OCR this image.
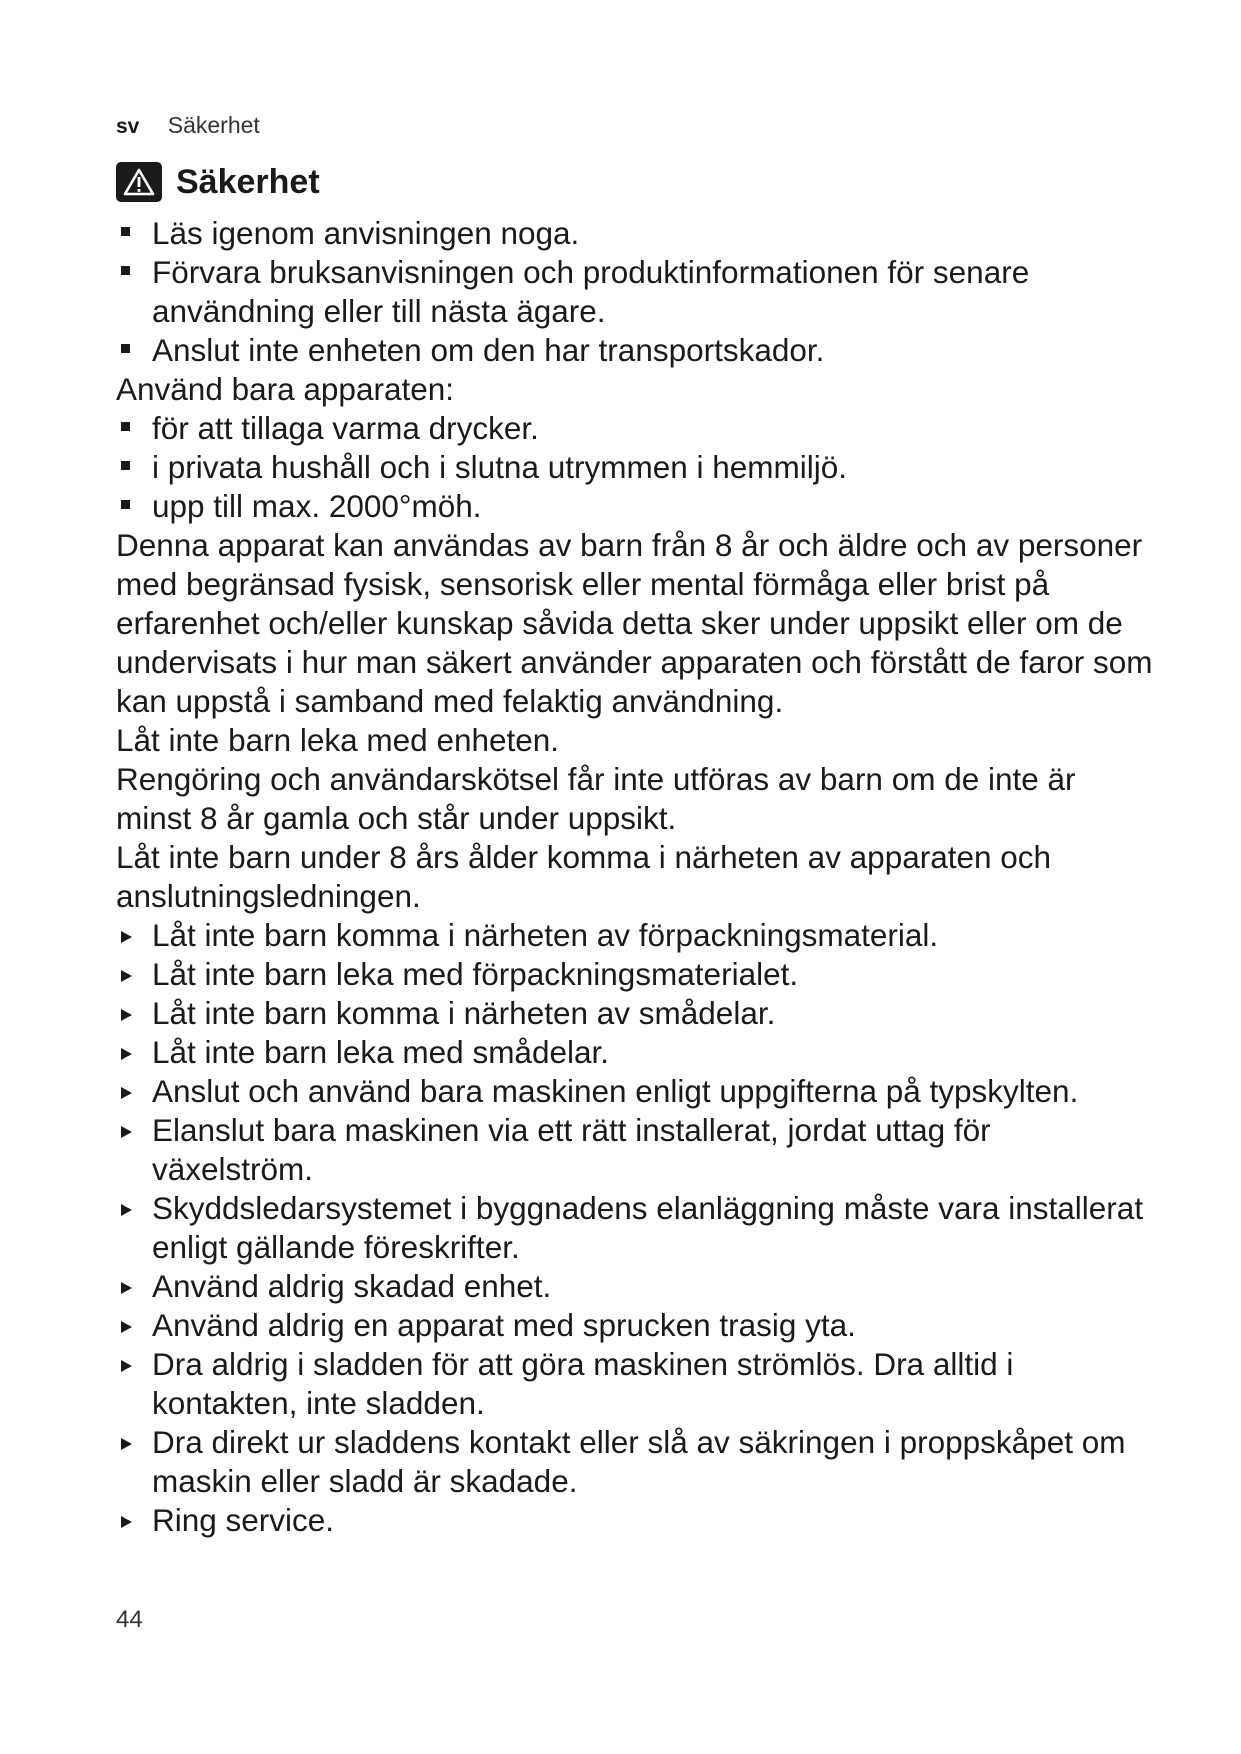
sv Säkerhet
Säkerhet
Läs igenom anvisningen noga.
Förvara bruksanvisningen och produktinformationen för senare användning eller till nästa ägare.
Anslut inte enheten om den har transportskador.
Använd bara apparaten:
för att tillaga varma drycker.
i privata hushåll och i slutna utrymmen i hemmiljö.
upp till max. 2000°möh.
Denna apparat kan användas av barn från 8 år och äldre och av personer med begränsad fysisk, sensorisk eller mental förmåga eller brist på erfarenhet och/eller kunskap såvida detta sker under uppsikt eller om de undervisats i hur man säkert använder apparaten och förstått de faror som kan uppstå i samband med felaktig användning.
Låt inte barn leka med enheten.
Rengöring och användarskötsel får inte utföras av barn om de inte är minst 8 år gamla och står under uppsikt.
Låt inte barn under 8 års ålder komma i närheten av apparaten och anslutningsledningen.
Låt inte barn komma i närheten av förpackningsmaterial.
Låt inte barn leka med förpackningsmaterialet.
Låt inte barn komma i närheten av smådelar.
Låt inte barn leka med smådelar.
Anslut och använd bara maskinen enligt uppgifterna på typskylten.
Elanslut bara maskinen via ett rätt installerat, jordat uttag för växelström.
Skyddsledarsystemet i byggnadens elanläggning måste vara installerat enligt gällande föreskrifter.
Använd aldrig skadad enhet.
Använd aldrig en apparat med sprucken trasig yta.
Dra aldrig i sladden för att göra maskinen strömlös. Dra alltid i kontakten, inte sladden.
Dra direkt ur sladdens kontakt eller slå av säkringen i proppskåpet om maskin eller sladd är skadade.
Ring service.
44
